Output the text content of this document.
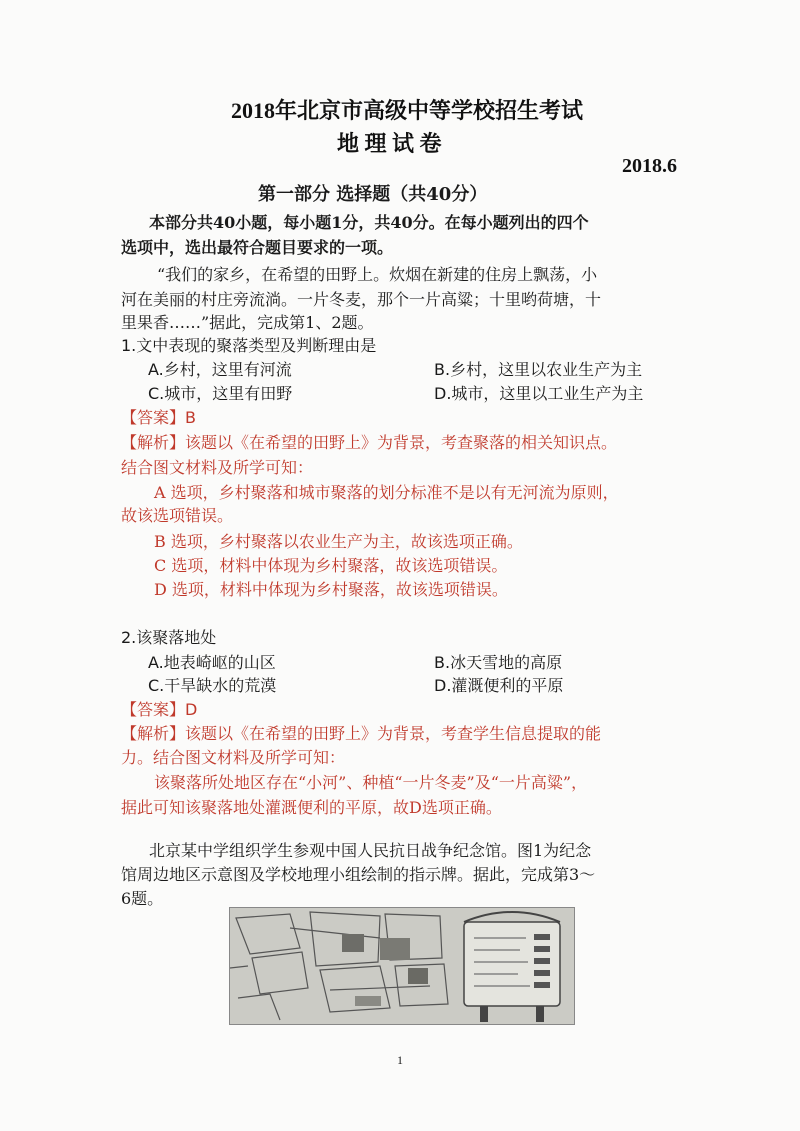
2018年北京市高级中等学校招生考试
地 理 试 卷
2018.6
第一部分 选择题（共40分）
本部分共40小题，每小题1分，共40分。在每小题列出的四个
选项中，选出最符合题目要求的一项。
“我们的家乡，在希望的田野上。炊烟在新建的住房上飘荡，小
河在美丽的村庄旁流淌。一片冬麦，那个一片高粱；十里哟荷塘，十
里果香……”据此，完成第1、2题。
1.文中表现的聚落类型及判断理由是
A.乡村，这里有河流	B.乡村，这里以农业生产为主
C.城市，这里有田野	D.城市，这里以工业生产为主
【答案】B
【解析】该题以《在希望的田野上》为背景，考查聚落的相关知识点。
结合图文材料及所学可知：
A 选项，乡村聚落和城市聚落的划分标准不是以有无河流为原则，
故该选项错误。
B 选项，乡村聚落以农业生产为主，故该选项正确。
C 选项，材料中体现为乡村聚落，故该选项错误。
D 选项，材料中体现为乡村聚落，故该选项错误。
2.该聚落地处
A.地表崎岖的山区	B.冰天雪地的高原
C.干旱缺水的荒漠	D.灌溉便利的平原
【答案】D
【解析】该题以《在希望的田野上》为背景，考查学生信息提取的能
力。结合图文材料及所学可知：
该聚落所处地区存在“小河”、种植“一片冬麦”及“一片高粱”，
据此可知该聚落地处灌溉便利的平原，故D选项正确。
北京某中学组织学生参观中国人民抗日战争纪念馆。图1为纪念
馆周边地区示意图及学校地理小组绘制的指示牌。据此，完成第3～
6题。
1
